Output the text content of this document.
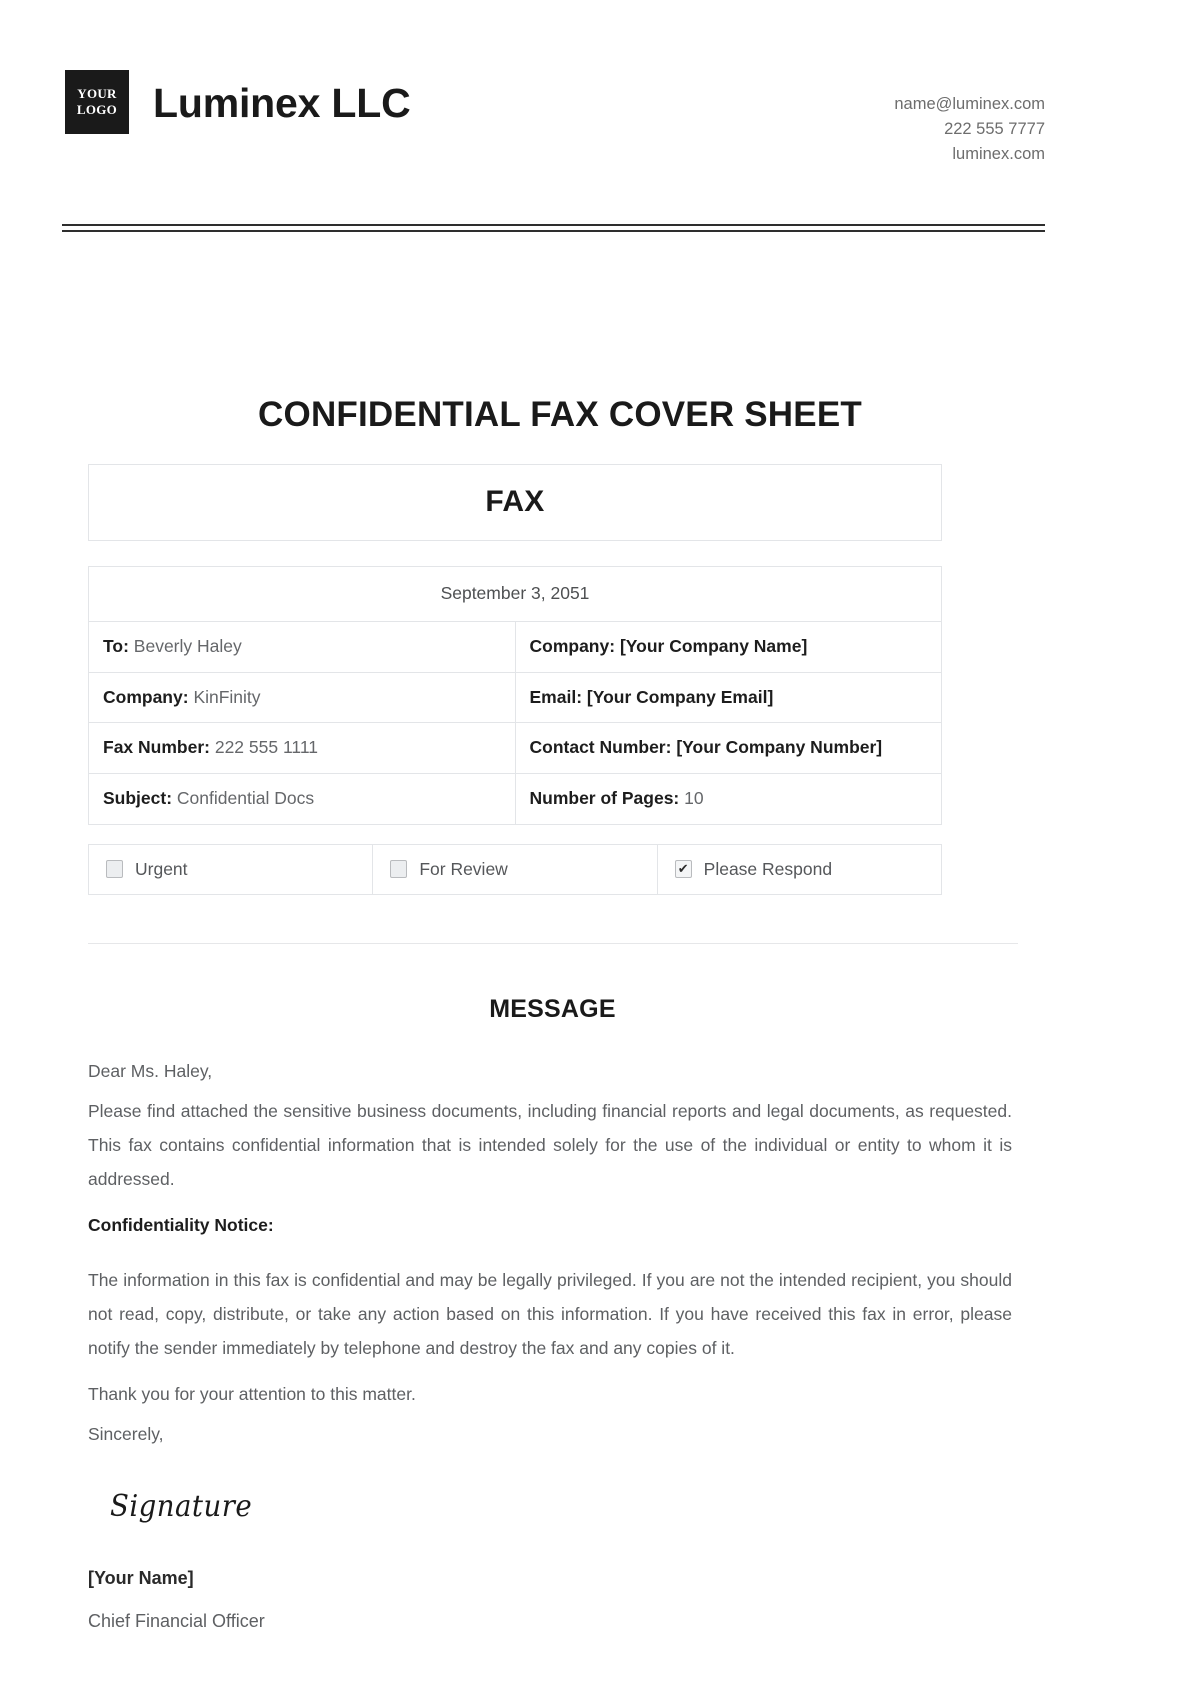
YOUR
LOGO Luminex LLC	name@luminex.com
222 555 7777
luminex.com
CONFIDENTIAL FAX COVER SHEET
FAX
September 3, 2051	
To: Beverly Haley	Company: [Your Company Name]
Company: KinFinity	Email: [Your Company Email]
Fax Number: 222 555 1111	Contact Number: [Your Company Number]
Subject: Confidential Docs	Number of Pages: 10
Urgent	For Review	✔ Please Respond
MESSAGE

Dear Ms. Haley,

Please find attached the sensitive business documents, including financial reports and legal documents, as requested. This fax contains confidential information that is intended solely for the use of the individual or entity to whom it is addressed.

Confidentiality Notice:

The information in this fax is confidential and may be legally privileged. If you are not the intended recipient, you should not read, copy, distribute, or take any action based on this information. If you have received this fax in error, please notify the sender immediately by telephone and destroy the fax and any copies of it.

Thank you for your attention to this matter.

Sincerely,

Signature
[Your Name]
Chief Financial Officer
